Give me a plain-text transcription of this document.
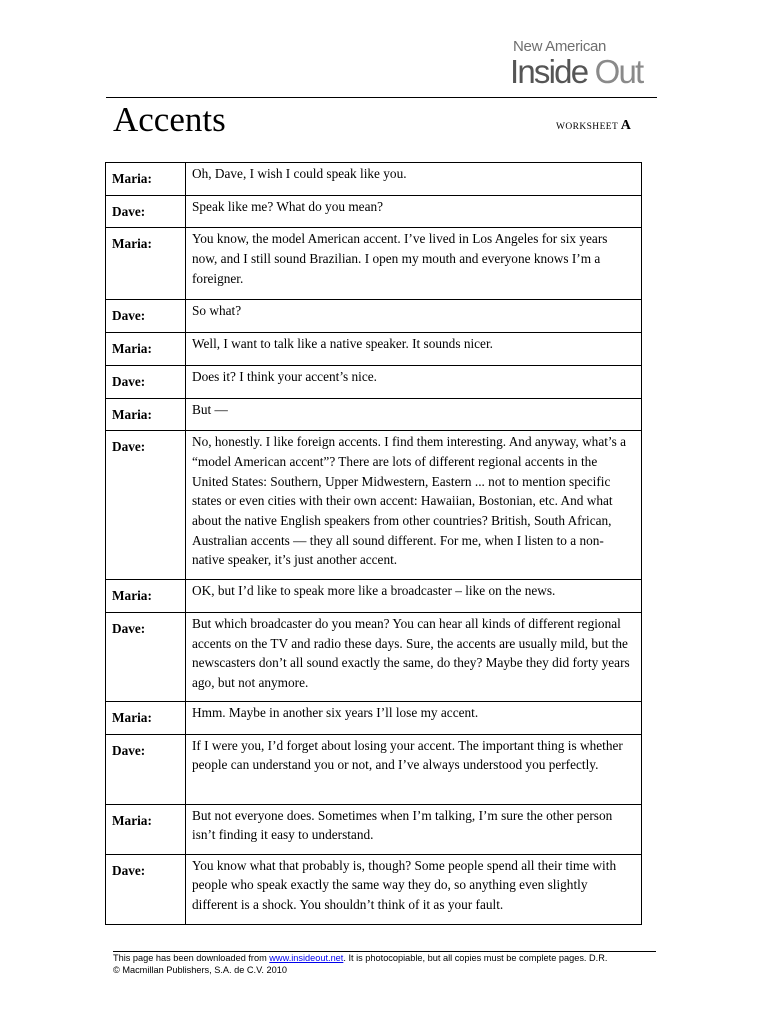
New American
Inside Out
Accents	WORKSHEET A
Maria:	Oh, Dave, I wish I could speak like you.
Dave:	Speak like me? What do you mean?
Maria:	You know, the model American accent. I’ve lived in Los Angeles for six years now, and I still sound Brazilian. I open my mouth and everyone knows I’m a foreigner.
Dave:	So what?
Maria:	Well, I want to talk like a native speaker. It sounds nicer.
Dave:	Does it? I think your accent’s nice.
Maria:	But —
Dave:	No, honestly. I like foreign accents. I find them interesting. And anyway, what’s a “model American accent”? There are lots of different regional accents in the United States: Southern, Upper Midwestern, Eastern ... not to mention specific states or even cities with their own accent: Hawaiian, Bostonian, etc. And what about the native English speakers from other countries? British, South African, Australian accents — they all sound different. For me, when I listen to a non-native speaker, it’s just another accent.
Maria:	OK, but I’d like to speak more like a broadcaster – like on the news.
Dave:	But which broadcaster do you mean? You can hear all kinds of different regional accents on the TV and radio these days. Sure, the accents are usually mild, but the newscasters don’t all sound exactly the same, do they? Maybe they did forty years ago, but not anymore.
Maria:	Hmm. Maybe in another six years I’ll lose my accent.
Dave:	If I were you, I’d forget about losing your accent. The important thing is whether people can understand you or not, and I’ve always understood you perfectly.
Maria:	But not everyone does. Sometimes when I’m talking, I’m sure the other person isn’t finding it easy to understand.
Dave:	You know what that probably is, though? Some people spend all their time with people who speak exactly the same way they do, so anything even slightly different is a shock. You shouldn’t think of it as your fault.
This page has been downloaded from www.insideout.net. It is photocopiable, but all copies must be complete pages. D.R.
© Macmillan Publishers, S.A. de C.V. 2010
